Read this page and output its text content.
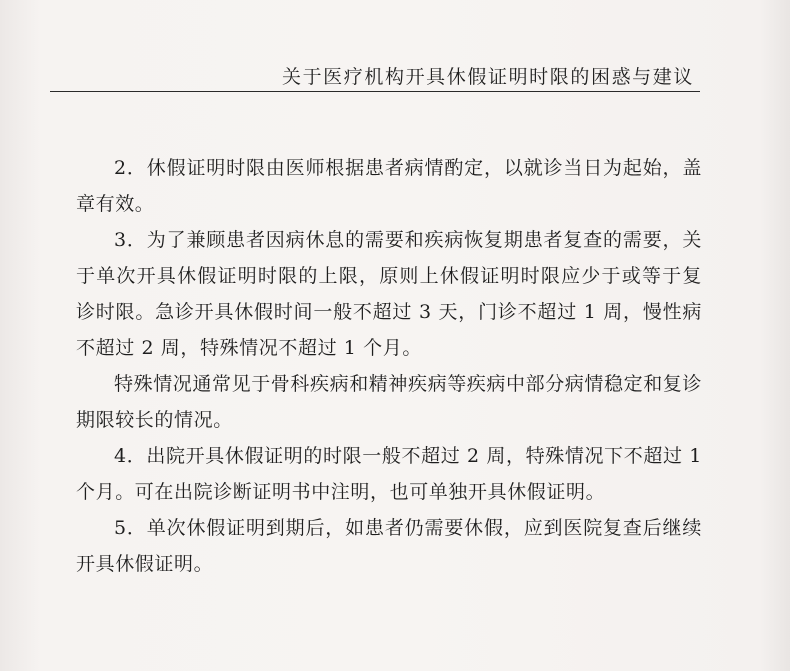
关于医疗机构开具休假证明时限的困惑与建议

2．休假证明时限由医师根据患者病情酌定，以就诊当日为起始，盖章有效。

3．为了兼顾患者因病休息的需要和疾病恢复期患者复查的需要，关于单次开具休假证明时限的上限，原则上休假证明时限应少于或等于复诊时限。急诊开具休假时间一般不超过 3 天，门诊不超过 1 周，慢性病不超过 2 周，特殊情况不超过 1 个月。

特殊情况通常见于骨科疾病和精神疾病等疾病中部分病情稳定和复诊期限较长的情况。

4．出院开具休假证明的时限一般不超过 2 周，特殊情况下不超过 1 个月。可在出院诊断证明书中注明，也可单独开具休假证明。

5．单次休假证明到期后，如患者仍需要休假，应到医院复查后继续开具休假证明。
